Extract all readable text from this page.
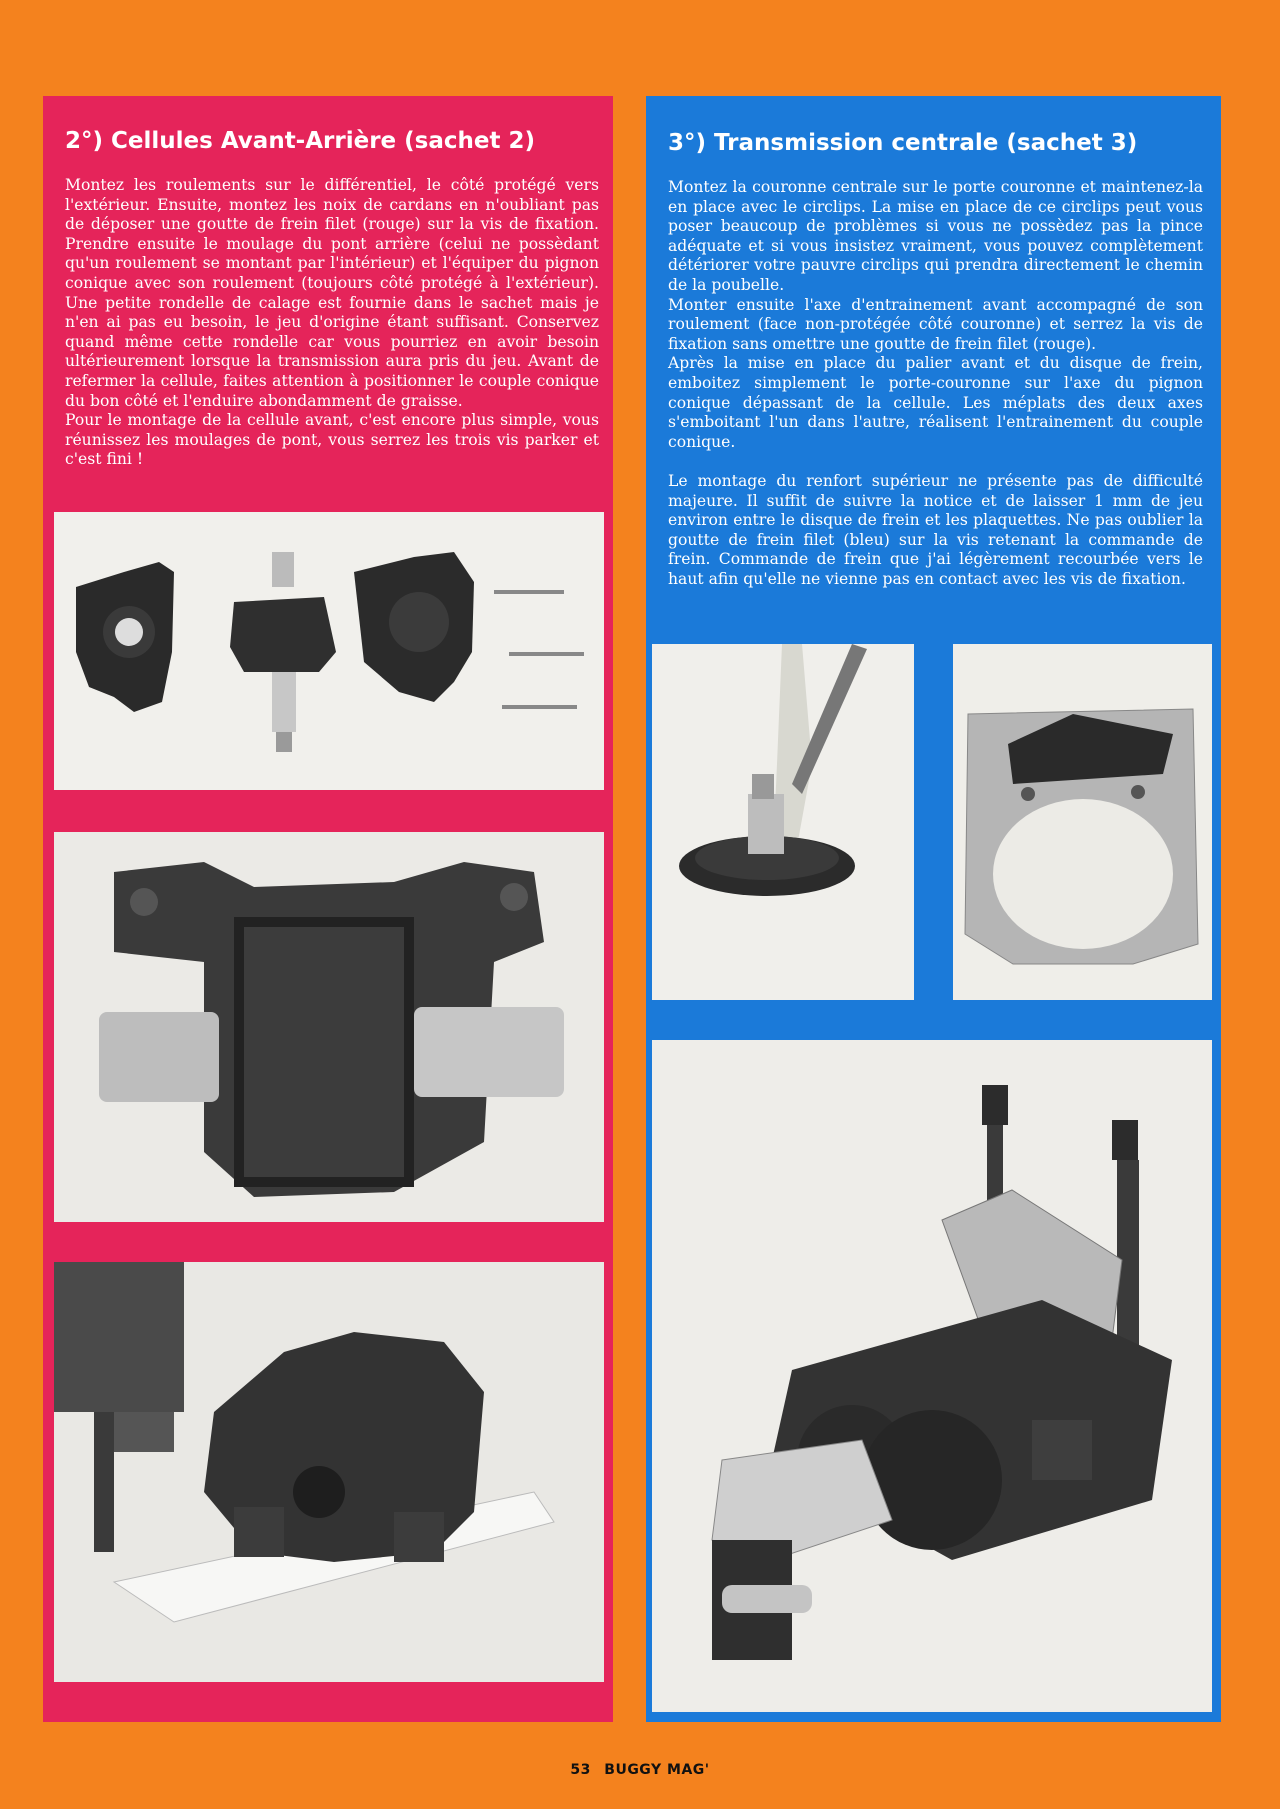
2°) Cellules Avant-Arrière (sachet 2)

Montez les roulements sur le différentiel, le côté protégé vers l'extérieur. Ensuite, montez les noix de cardans en n'oubliant pas de déposer une goutte de frein filet (rouge) sur la vis de fixation. Prendre ensuite le moulage du pont arrière (celui ne possèdant qu'un roulement se montant par l'intérieur) et l'équiper du pignon conique avec son roulement (toujours côté protégé à l'extérieur). Une petite rondelle de calage est fournie dans le sachet mais je n'en ai pas eu besoin, le jeu d'origine étant suffisant. Conservez quand même cette rondelle car vous pourriez en avoir besoin ultérieurement lorsque la transmission aura pris du jeu. Avant de refermer la cellule, faites attention à positionner le couple conique du bon côté et l'enduire abondamment de graisse.

Pour le montage de la cellule avant, c'est encore plus simple, vous réunissez les moulages de pont, vous serrez les trois vis parker et c'est fini !

3°) Transmission centrale (sachet 3)

Montez la couronne centrale sur le porte couronne et maintenez-la en place avec le circlips. La mise en place de ce circlips peut vous poser beaucoup de problèmes si vous ne possèdez pas la pince adéquate et si vous insistez vraiment, vous pouvez complètement détériorer votre pauvre circlips qui prendra directement le chemin de la poubelle.

Monter ensuite l'axe d'entrainement avant accompagné de son roulement (face non-protégée côté couronne) et serrez la vis de fixation sans omettre une goutte de frein filet (rouge).

Après la mise en place du palier avant et du disque de frein, emboitez simplement le porte-couronne sur l'axe du pignon conique dépassant de la cellule. Les méplats des deux axes s'emboitant l'un dans l'autre, réalisent l'entrainement du couple conique.

Le montage du renfort supérieur ne présente pas de difficulté majeure. Il suffit de suivre la notice et de laisser 1 mm de jeu environ entre le disque de frein et les plaquettes. Ne pas oublier la goutte de frein filet (bleu) sur la vis retenant la commande de frein. Commande de frein que j'ai légèrement recourbée vers le haut afin qu'elle ne vienne pas en contact avec les vis de fixation.

53 BUGGY MAG'
